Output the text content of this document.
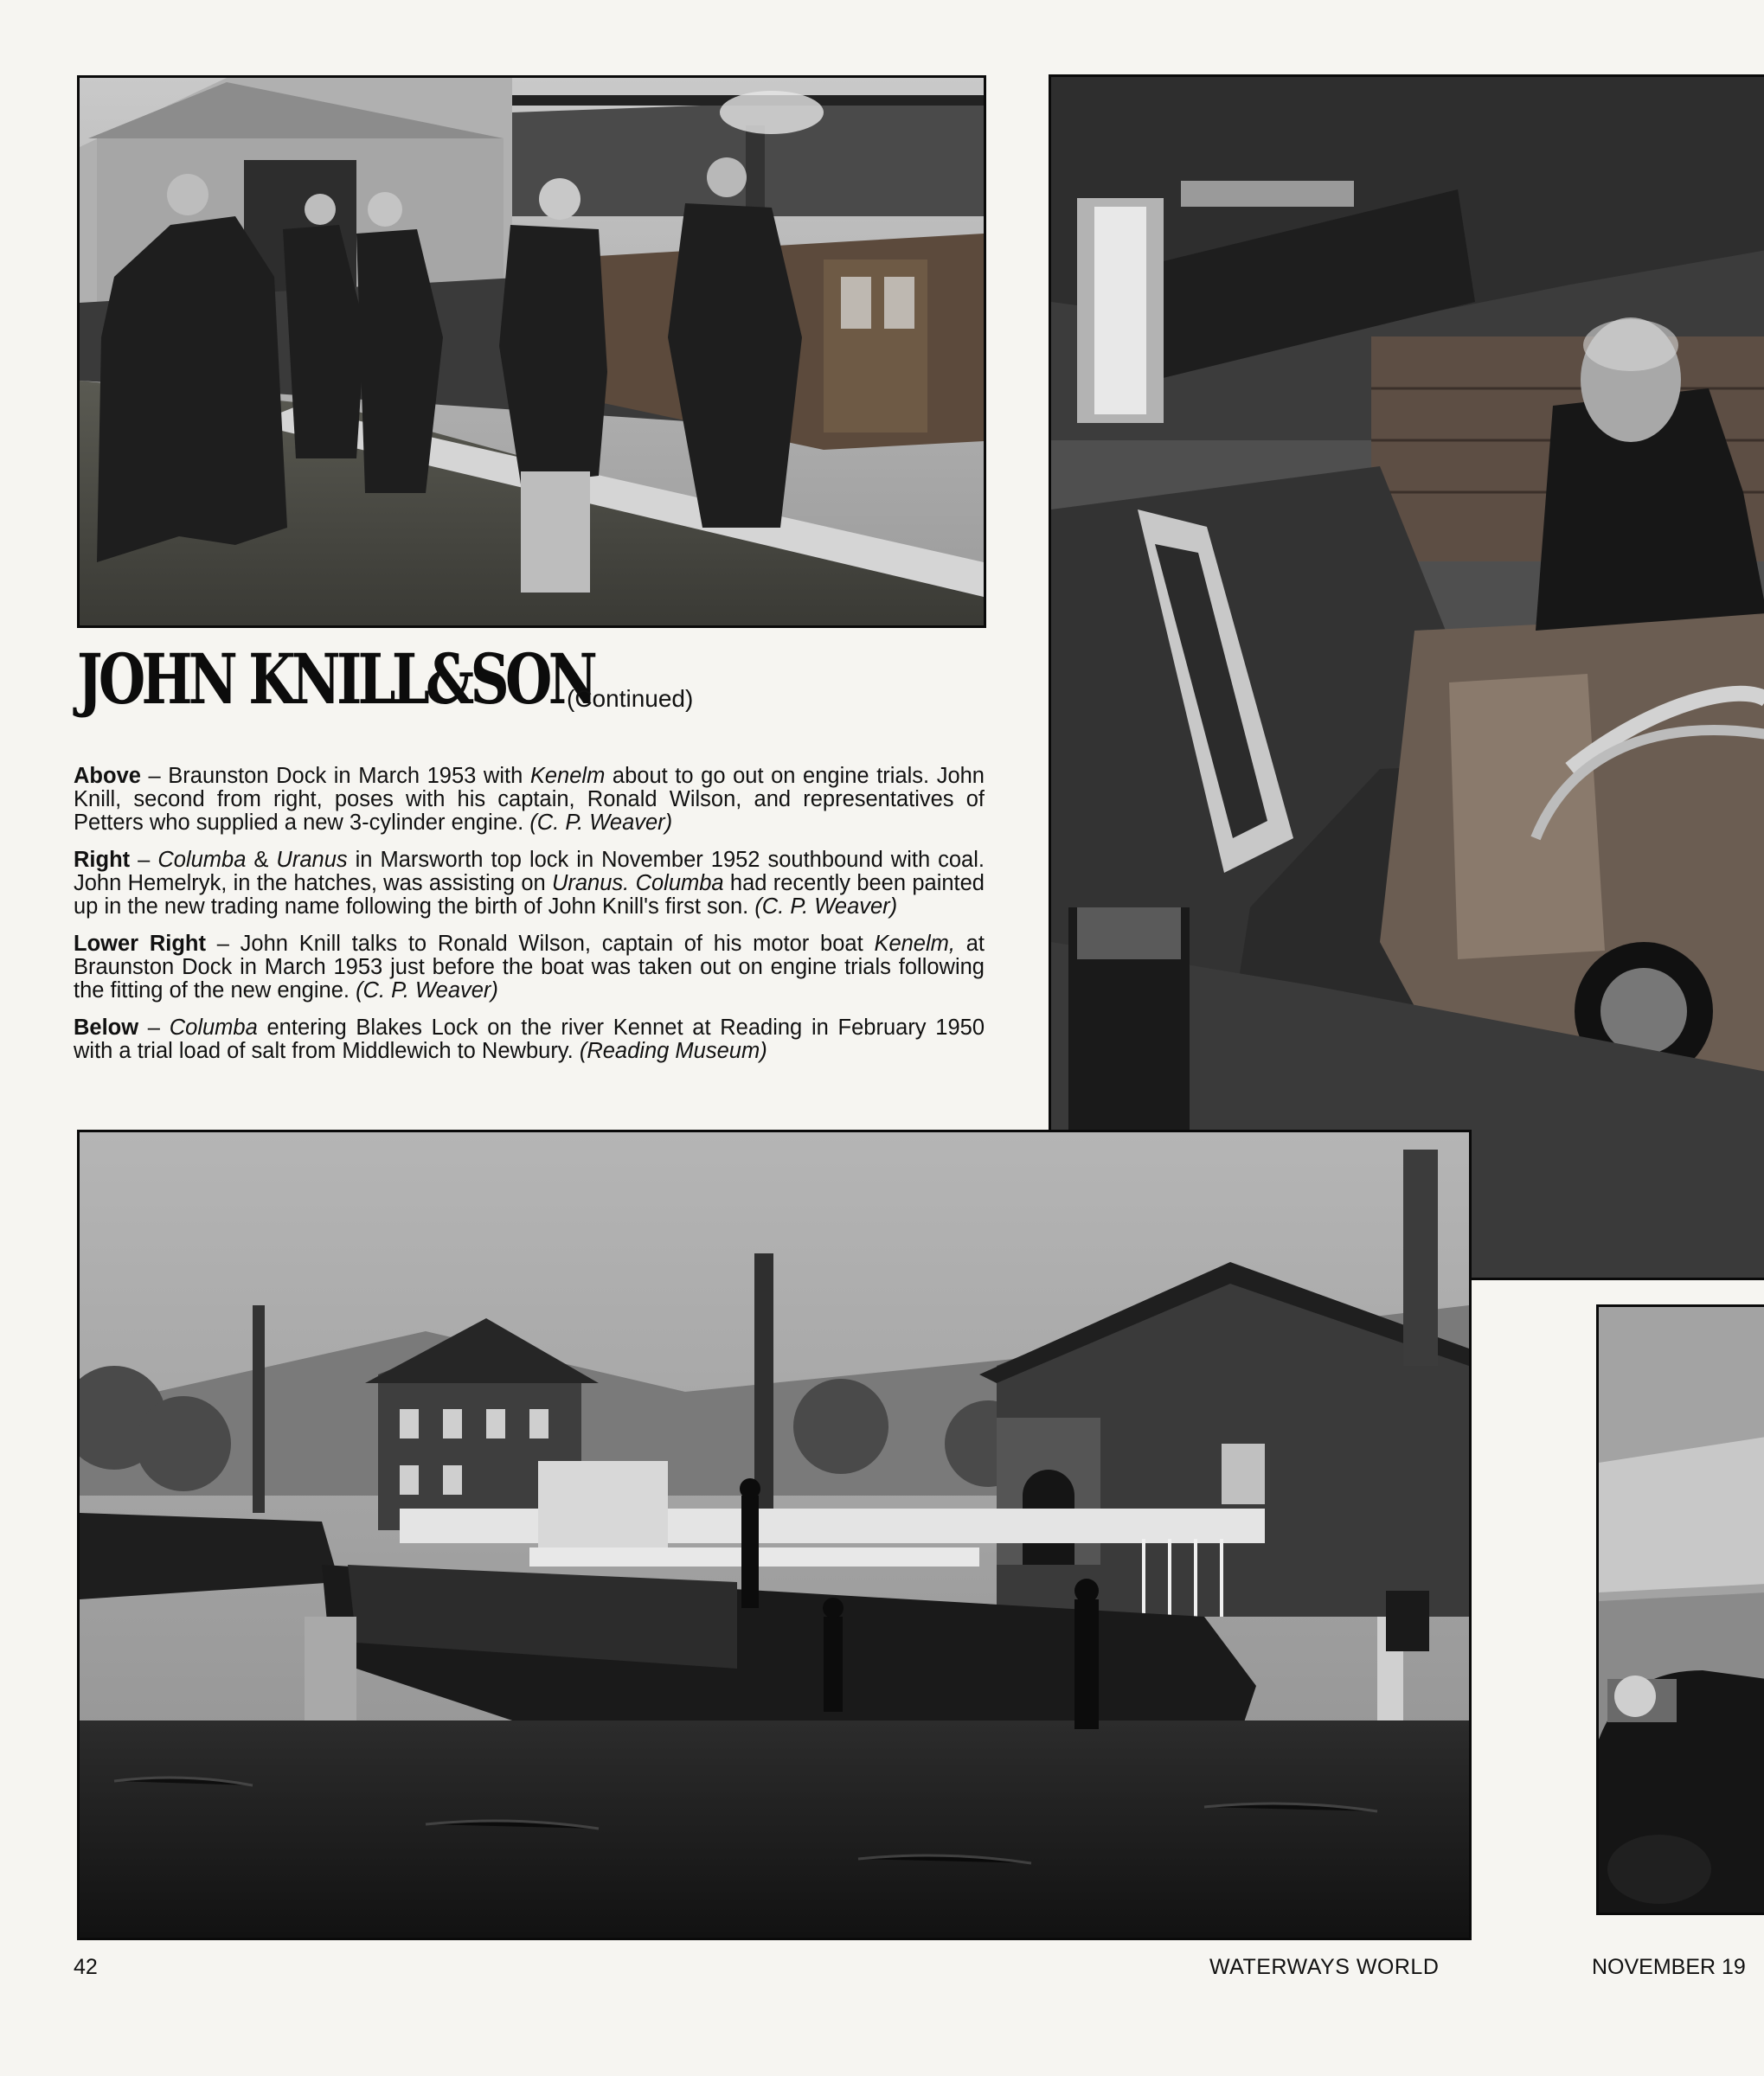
JOHN KNILL&SON
(Continued)

Above – Braunston Dock in March 1953 with Kenelm about to go out on engine trials. John Knill, second from right, poses with his captain, Ronald Wilson, and representatives of Petters who supplied a new 3-cylinder engine. (C. P. Weaver)

Right – Columba & Uranus in Marsworth top lock in November 1952 southbound with coal. John Hemelryk, in the hatches, was assisting on Uranus. Columba had recently been painted up in the new trading name following the birth of John Knill's first son. (C. P. Weaver)

Lower Right – John Knill talks to Ronald Wilson, captain of his motor boat Kenelm, at Braunston Dock in March 1953 just before the boat was taken out on engine trials following the fitting of the new engine. (C. P. Weaver)

Below – Columba entering Blakes Lock on the river Kennet at Reading in February 1950 with a trial load of salt from Middlewich to Newbury. (Reading Museum)

42	WATERWAYS WORLD	NOVEMBER 19
